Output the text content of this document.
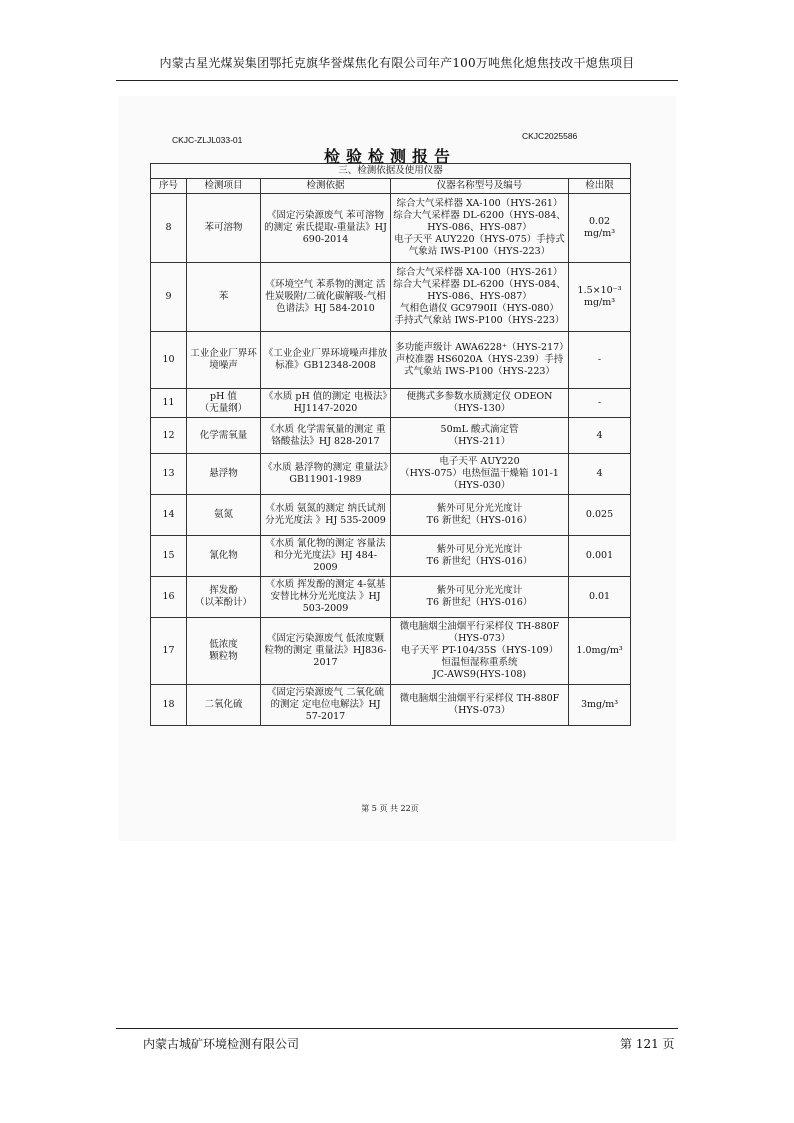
内蒙古星光煤炭集团鄂托克旗华誉煤焦化有限公司年产100万吨焦化熄焦技改干熄焦项目
CKJC-ZLJL033-01	CKJC2025586
检验检测报告
三、检测依据及使用仪器				
序号	检测项目	检测依据	仪器名称型号及编号	检出限
8	苯可溶物	《固定污染源废气 苯可溶物的测定 索氏提取-重量法》HJ 690-2014	综合大气采样器 XA-100（HYS-261）
综合大气采样器 DL-6200（HYS-084、HYS-086、HYS-087）
电子天平 AUY220（HYS-075）手持式气象站 IWS-P100（HYS-223）	0.02
mg/m³
9	苯	《环境空气 苯系物的测定 活性炭吸附/二硫化碳解吸-气相色谱法》HJ 584-2010	综合大气采样器 XA-100（HYS-261）
综合大气采样器 DL-6200（HYS-084、HYS-086、HYS-087）
气相色谱仪 GC9790II（HYS-080）
手持式气象站 IWS-P100（HYS-223）	1.5×10⁻³
mg/m³
10	工业企业厂界环境噪声	《工业企业厂界环境噪声排放标准》GB12348-2008	多功能声级计 AWA6228⁺（HYS-217）声校准器 HS6020A（HYS-239）手持式气象站 IWS-P100（HYS-223）	-
11	pH 值
（无量纲）	《水质 pH 值的测定 电极法》HJ1147-2020	便携式多参数水质测定仪 ODEON（HYS-130）	-
12	化学需氧量	《水质 化学需氧量的测定 重铬酸盐法》HJ 828-2017	50mL 酸式滴定管
（HYS-211）	4
13	悬浮物	《水质 悬浮物的测定 重量法》GB11901-1989	电子天平 AUY220
（HYS-075）电热恒温干燥箱 101-1（HYS-030）	4
14	氨氮	《水质 氨氮的测定 纳氏试剂分光光度法 》HJ 535-2009	紫外可见分光光度计
T6 新世纪（HYS-016）	0.025
15	氰化物	《水质 氰化物的测定 容量法和分光光度法》HJ 484-2009	紫外可见分光光度计
T6 新世纪（HYS-016）	0.001
16	挥发酚
（以苯酚计）	《水质 挥发酚的测定 4-氨基安替比林分光光度法 》HJ 503-2009	紫外可见分光光度计
T6 新世纪（HYS-016）	0.01
17	低浓度
颗粒物	《固定污染源废气 低浓度颗粒物的测定 重量法》HJ836-2017	微电脑烟尘油烟平行采样仪 TH-880F（HYS-073）
电子天平 PT-104/35S（HYS-109）
恒温恒湿称重系统
JC-AWS9(HYS-108)	1.0mg/m³
18	二氧化硫	《固定污染源废气 二氧化硫的测定 定电位电解法》HJ 57-2017	微电脑烟尘油烟平行采样仪 TH-880F（HYS-073）	3mg/m³
第 5 页 共 22页
内蒙古城矿环境检测有限公司	第 121 页
